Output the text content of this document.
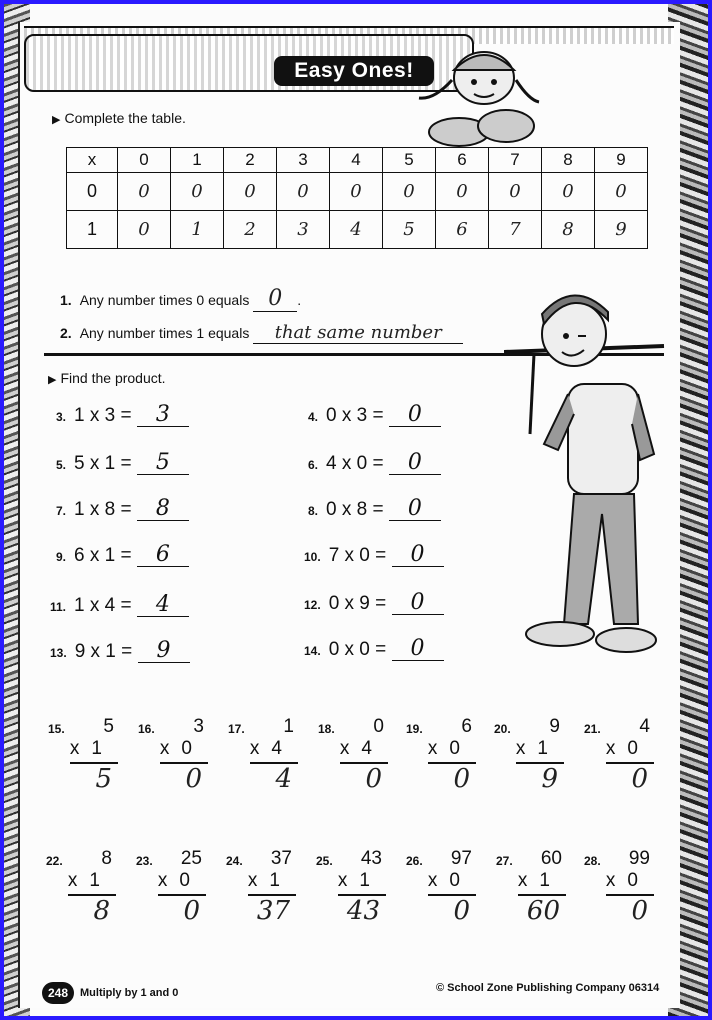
Easy Ones!
▶ Complete the table.
x	0	1	2	3	4	5	6	7	8	9
0	0	0	0	0	0	0	0	0	0	0
1	0	1	2	3	4	5	6	7	8	9
1. Any number times 0 equals 0 .
2. Any number times 1 equals that same number
▶ Find the product.
3. 1 x 3 = 3	4. 0 x 3 = 0
5. 5 x 1 = 5	6. 4 x 0 = 0
7. 1 x 8 = 8	8. 0 x 8 = 0
9. 6 x 1 = 6	10. 7 x 0 = 0
11. 1 x 4 = 4	12. 0 x 9 = 0
13. 9 x 1 = 9	14. 0 x 0 = 0
15. 5
x 1
5
16. 3
x 0
0
17. 1
x 4
4
18. 0
x 4
0
19. 6
x 0
0
20. 9
x 1
9
21. 4
x 0
0
22. 8
x 1
8
23. 25
x 0
0
24. 37
x 1
37
25. 43
x 1
43
26. 97
x 0
0
27. 60
x 1
60
28. 99
x 0
0
248	Multiply by 1 and 0	© School Zone Publishing Company 06314
